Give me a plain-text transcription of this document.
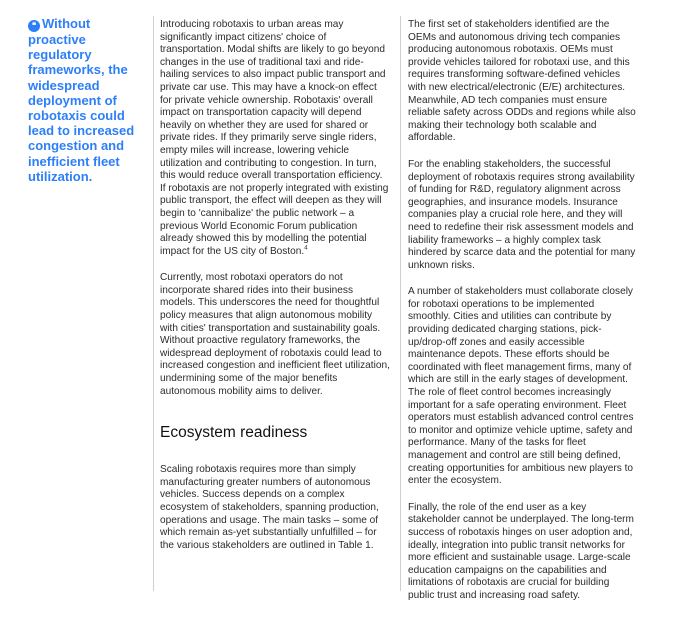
❝ Without proactive regulatory frameworks, the widespread deployment of robotaxis could lead to increased congestion and inefficient fleet utilization.

Introducing robotaxis to urban areas may significantly impact citizens' choice of transportation. Modal shifts are likely to go beyond changes in the use of traditional taxi and ride-hailing services to also impact public transport and private car use. This may have a knock-on effect for private vehicle ownership. Robotaxis' overall impact on transportation capacity will depend heavily on whether they are used for shared or private rides. If they primarily serve single riders, empty miles will increase, lowering vehicle utilization and contributing to congestion. In turn, this would reduce overall transportation efficiency. If robotaxis are not properly integrated with existing public transport, the effect will deepen as they will begin to 'cannibalize' the public network – a previous World Economic Forum publication already showed this by modelling the potential impact for the US city of Boston.$^4$

Currently, most robotaxi operators do not incorporate shared rides into their business models. This underscores the need for thoughtful policy measures that align autonomous mobility with cities' transportation and sustainability goals. Without proactive regulatory frameworks, the widespread deployment of robotaxis could lead to increased congestion and inefficient fleet utilization, undermining some of the major benefits autonomous mobility aims to deliver.

Ecosystem readiness

Scaling robotaxis requires more than simply manufacturing greater numbers of autonomous vehicles. Success depends on a complex ecosystem of stakeholders, spanning production, operations and usage. The main tasks – some of which remain as-yet substantially unfulfilled – for the various stakeholders are outlined in Table 1.

The first set of stakeholders identified are the OEMs and autonomous driving tech companies producing autonomous robotaxis. OEMs must provide vehicles tailored for robotaxi use, and this requires transforming software-defined vehicles with new electrical/electronic (E/E) architectures. Meanwhile, AD tech companies must ensure reliable safety across ODDs and regions while also making their technology both scalable and affordable.

For the enabling stakeholders, the successful deployment of robotaxis requires strong availability of funding for R&D, regulatory alignment across geographies, and insurance models. Insurance companies play a crucial role here, and they will need to redefine their risk assessment models and liability frameworks – a highly complex task hindered by scarce data and the potential for many unknown risks.

A number of stakeholders must collaborate closely for robotaxi operations to be implemented smoothly. Cities and utilities can contribute by providing dedicated charging stations, pick-up/drop-off zones and easily accessible maintenance depots. These efforts should be coordinated with fleet management firms, many of which are still in the early stages of development. The role of fleet control becomes increasingly important for a safe operating environment. Fleet operators must establish advanced control centres to monitor and optimize vehicle uptime, safety and performance. Many of the tasks for fleet management and control are still being defined, creating opportunities for ambitious new players to enter the ecosystem.

Finally, the role of the end user as a key stakeholder cannot be underplayed. The long-term success of robotaxis hinges on user adoption and, ideally, integration into public transit networks for more efficient and sustainable usage. Large-scale education campaigns on the capabilities and limitations of robotaxis are crucial for building public trust and increasing road safety.
